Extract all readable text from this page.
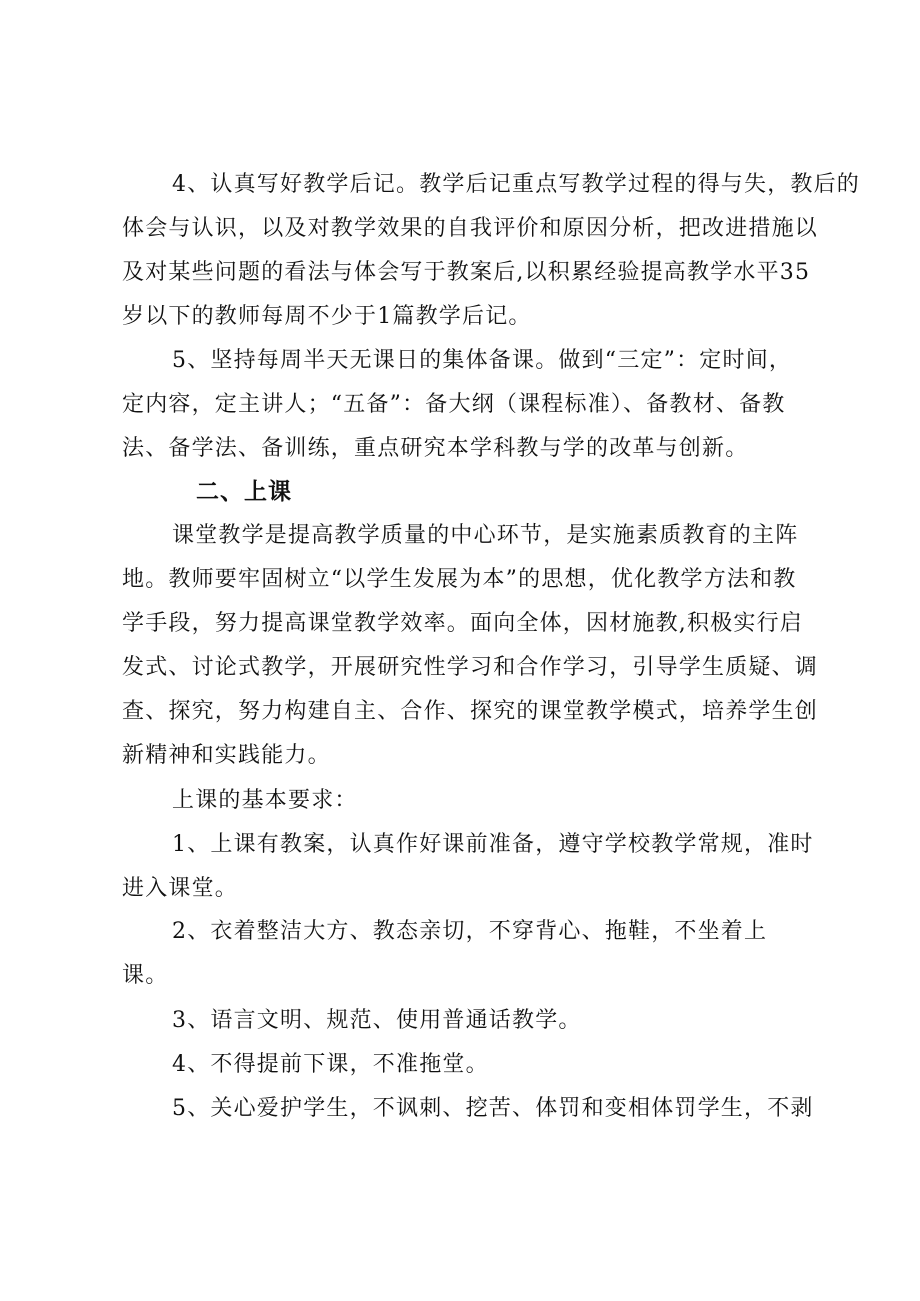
4、认真写好教学后记。教学后记重点写教学过程的得与失，教后的
体会与认识，以及对教学效果的自我评价和原因分析，把改进措施以
及对某些问题的看法与体会写于教案后,以积累经验提高教学水平35
岁以下的教师每周不少于1篇教学后记。
5、坚持每周半天无课日的集体备课。做到“三定”：定时间，
定内容，定主讲人；“五备”：备大纲（课程标准）、备教材、备教
法、备学法、备训练，重点研究本学科教与学的改革与创新。
二、上课
课堂教学是提高教学质量的中心环节，是实施素质教育的主阵
地。教师要牢固树立“以学生发展为本”的思想，优化教学方法和教
学手段，努力提高课堂教学效率。面向全体，因材施教,积极实行启
发式、讨论式教学，开展研究性学习和合作学习，引导学生质疑、调
查、探究，努力构建自主、合作、探究的课堂教学模式，培养学生创
新精神和实践能力。
上课的基本要求：
1、上课有教案，认真作好课前准备，遵守学校教学常规，准时
进入课堂。
2、衣着整洁大方、教态亲切，不穿背心、拖鞋，不坐着上
课。
3、语言文明、规范、使用普通话教学。
4、不得提前下课，不准拖堂。
5、关心爱护学生，不讽刺、挖苦、体罚和变相体罚学生，不剥
